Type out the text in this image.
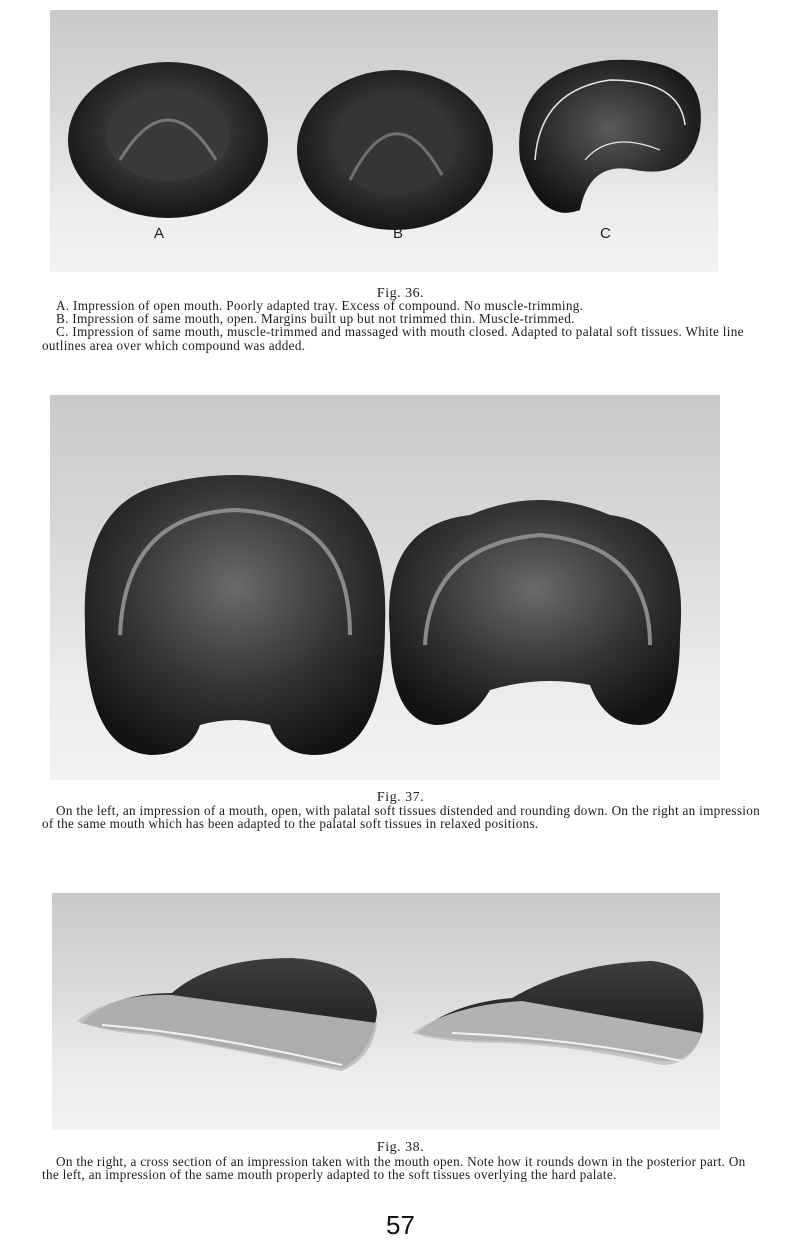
A	B	C
Fig. 36.

A. Impression of open mouth. Poorly adapted tray. Excess of compound. No muscle-trimming.

B. Impression of same mouth, open. Margins built up but not trimmed thin. Muscle-trimmed.

C. Impression of same mouth, muscle-trimmed and massaged with mouth closed. Adapted to palatal soft tissues. White line outlines area over which compound was added.

Fig. 37.

On the left, an impression of a mouth, open, with palatal soft tissues distended and rounding down. On the right an impression of the same mouth which has been adapted to the palatal soft tissues in relaxed positions.

Fig. 38.

On the right, a cross section of an impression taken with the mouth open. Note how it rounds down in the posterior part. On the left, an impression of the same mouth properly adapted to the soft tissues overlying the hard palate.

57
